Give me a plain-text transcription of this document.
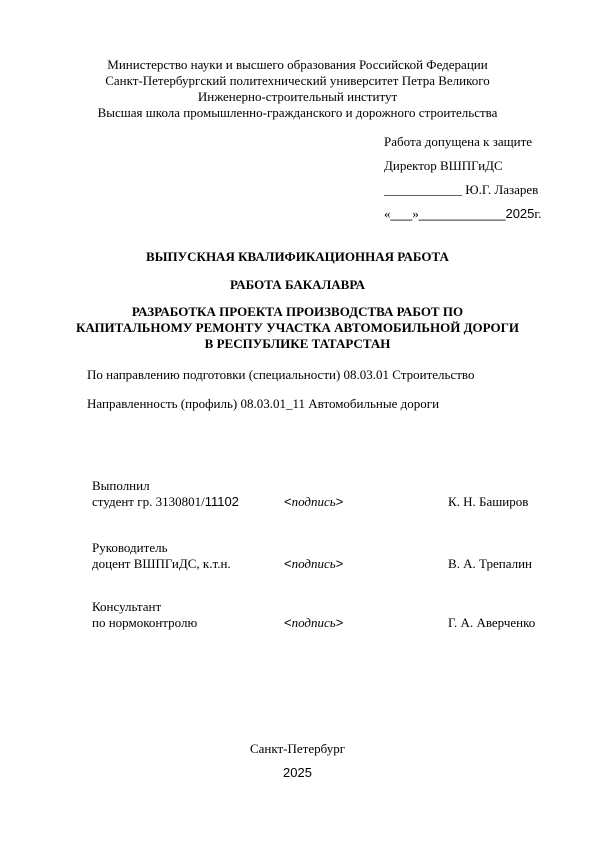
Министерство науки и высшего образования Российской Федерации
Санкт-Петербургский политехнический университет Петра Великого
Инженерно-строительный институт
Высшая школа промышленно-гражданского и дорожного строительства
Работа допущена к защите
Директор ВШПГиДС
____________ Ю.Г. Лазарев
«___»____________2025г.
ВЫПУСКНАЯ КВАЛИФИКАЦИОННАЯ РАБОТА
РАБОТА БАКАЛАВРА
РАЗРАБОТКА ПРОЕКТА ПРОИЗВОДСТВА РАБОТ ПО
КАПИТАЛЬНОМУ РЕМОНТУ УЧАСТКА АВТОМОБИЛЬНОЙ ДОРОГИ
В РЕСПУБЛИКЕ ТАТАРСТАН
По направлению подготовки (специальности) 08.03.01 Строительство
Направленность (профиль) 08.03.01_11 Автомобильные дороги
Выполнил
студент гр. 3130801/11102	<подпись>	К. Н. Баширов
Руководитель
доцент ВШПГиДС, к.т.н.	<подпись>	В. А. Трепалин
Консультант
по нормоконтролю	<подпись>	Г. А. Аверченко
Санкт-Петербург
2025
